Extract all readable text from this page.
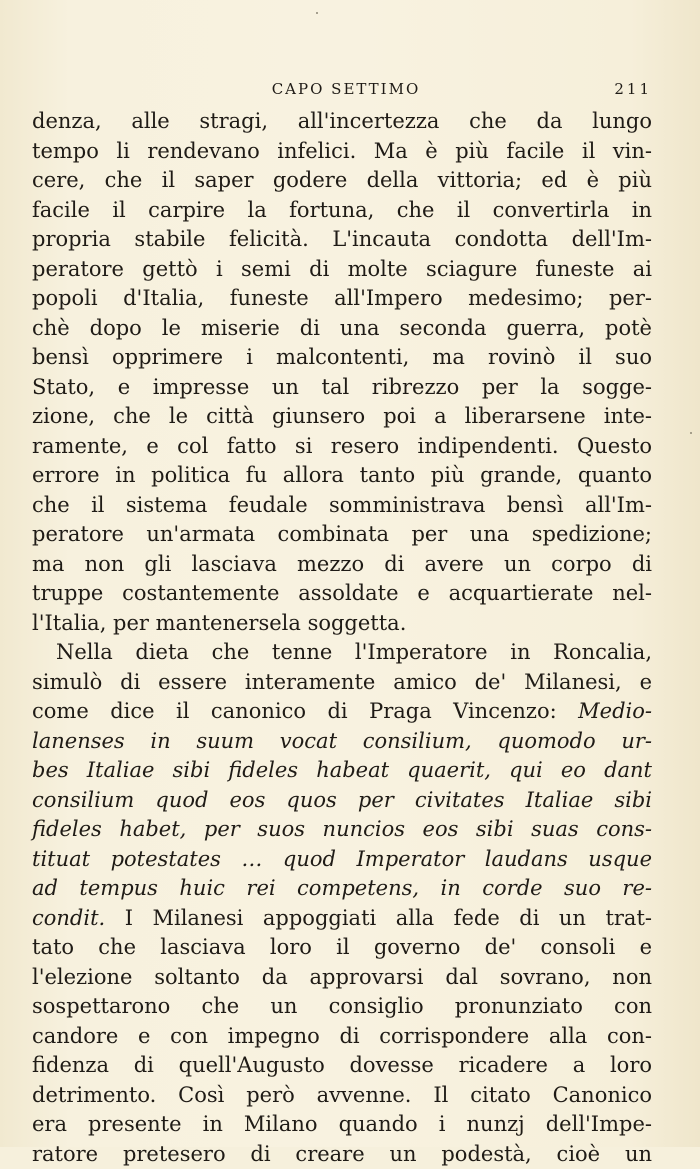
CAPO SETTIMO	211
denza, alle stragi, all'incertezza che da lungo
tempo li rendevano infelici. Ma è più facile il vin-
cere, che il saper godere della vittoria; ed è più
facile il carpire la fortuna, che il convertirla in
propria stabile felicità. L'incauta condotta dell'Im-
peratore gettò i semi di molte sciagure funeste ai
popoli d'Italia, funeste all'Impero medesimo; per-
chè dopo le miserie di una seconda guerra, potè
bensì opprimere i malcontenti, ma rovinò il suo
Stato, e impresse un tal ribrezzo per la sogge-
zione, che le città giunsero poi a liberarsene inte-
ramente, e col fatto si resero indipendenti. Questo
errore in politica fu allora tanto più grande, quanto
che il sistema feudale somministrava bensì all'Im-
peratore un'armata combinata per una spedizione;
ma non gli lasciava mezzo di avere un corpo di
truppe costantemente assoldate e acquartierate nel-
l'Italia, per mantenersela soggetta.
Nella dieta che tenne l'Imperatore in Roncalia,
simulò di essere interamente amico de' Milanesi, e
come dice il canonico di Praga Vincenzo: Medio-
lanenses in suum vocat consilium, quomodo ur-
bes Italiae sibi fideles habeat quaerit, qui eo dant
consilium quod eos quos per civitates Italiae sibi
fideles habet, per suos nuncios eos sibi suas cons-
tituat potestates … quod Imperator laudans usque
ad tempus huic rei competens, in corde suo re-
condit. I Milanesi appoggiati alla fede di un trat-
tato che lasciava loro il governo de' consoli e
l'elezione soltanto da approvarsi dal sovrano, non
sospettarono che un consiglio pronunziato con
candore e con impegno di corrispondere alla con-
fidenza di quell'Augusto dovesse ricadere a loro
detrimento. Così però avvenne. Il citato Canonico
era presente in Milano quando i nunzj dell'Impe-
ratore pretesero di creare un podestà, cioè un
